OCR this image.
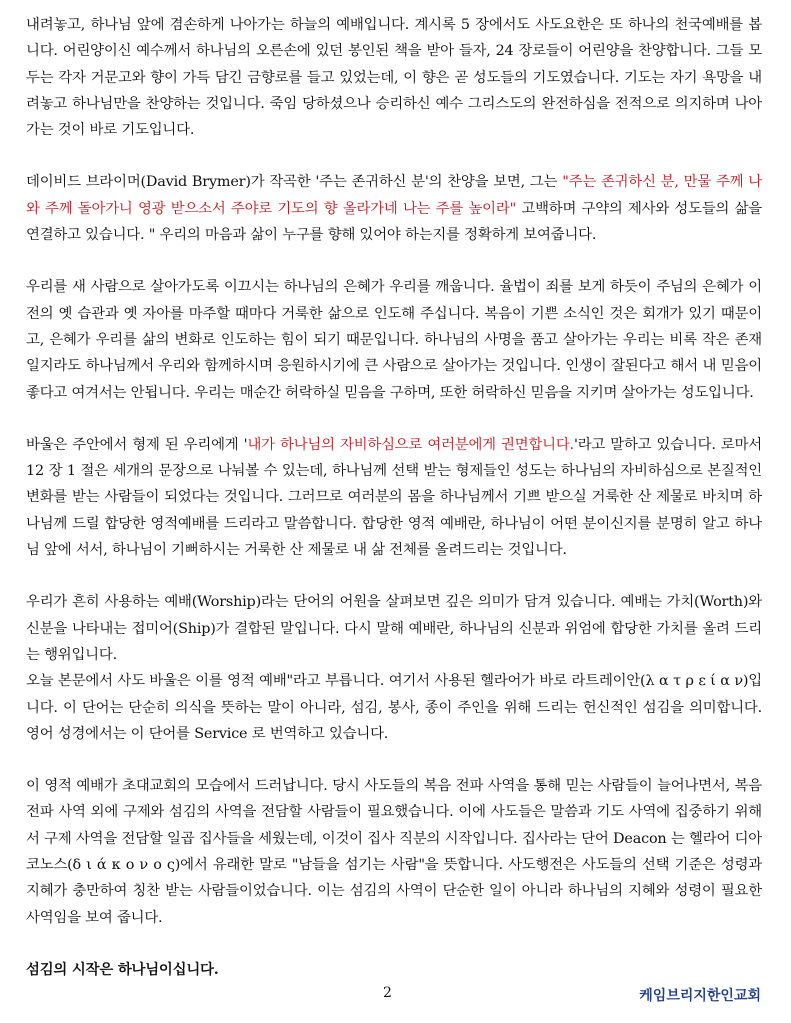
내려놓고, 하나님 앞에 겸손하게 나아가는 하늘의 예배입니다. 계시록 5 장에서도 사도요한은 또 하나의 천국예배를 봅니다. 어린양이신 예수께서 하나님의 오른손에 있던 봉인된 책을 받아 들자, 24 장로들이 어린양을 찬양합니다. 그들 모두는 각자 거문고와 향이 가득 담긴 금향로를 들고 있었는데, 이 향은 곧 성도들의 기도였습니다. 기도는 자기 욕망을 내려놓고 하나님만을 찬양하는 것입니다. 죽임 당하셨으나 승리하신 예수 그리스도의 완전하심을 전적으로 의지하며 나아가는 것이 바로 기도입니다.

데이비드 브라이머(David Brymer)가 작곡한 '주는 존귀하신 분'의 찬양을 보면, 그는 "주는 존귀하신 분, 만물 주께 나와 주께 돌아가니 영광 받으소서 주야로 기도의 향 올라가네 나는 주를 높이라" 고백하며 구약의 제사와 성도들의 삶을 연결하고 있습니다. " 우리의 마음과 삶이 누구를 향해 있어야 하는지를 정확하게 보여줍니다.

우리를 새 사람으로 살아가도록 이끄시는 하나님의 은혜가 우리를 깨웁니다. 율법이 죄를 보게 하듯이 주님의 은혜가 이전의 옛 습관과 옛 자아를 마주할 때마다 거룩한 삶으로 인도해 주십니다. 복음이 기쁜 소식인 것은 회개가 있기 때문이고, 은혜가 우리를 삶의 변화로 인도하는 힘이 되기 때문입니다. 하나님의 사명을 품고 살아가는 우리는 비록 작은 존재일지라도 하나님께서 우리와 함께하시며 응원하시기에 큰 사람으로 살아가는 것입니다. 인생이 잘된다고 해서 내 믿음이 좋다고 여겨서는 안됩니다. 우리는 매순간 허락하실 믿음을 구하며, 또한 허락하신 믿음을 지키며 살아가는 성도입니다.

바울은 주안에서 형제 된 우리에게 '내가 하나님의 자비하심으로 여러분에게 권면합니다.'라고 말하고 있습니다. 로마서 12 장 1 절은 세개의 문장으로 나눠볼 수 있는데, 하나님께 선택 받는 형제들인 성도는 하나님의 자비하심으로 본질적인 변화를 받는 사람들이 되었다는 것입니다. 그러므로 여러분의 몸을 하나님께서 기쁘 받으실 거룩한 산 제물로 바치며 하나님께 드릴 합당한 영적예배를 드리라고 말씀합니다. 합당한 영적 예배란, 하나님이 어떤 분이신지를 분명히 알고 하나님 앞에 서서, 하나님이 기뻐하시는 거룩한 산 제물로 내 삶 전체를 올려드리는 것입니다.

우리가 흔히 사용하는 예배(Worship)라는 단어의 어원을 살펴보면 깊은 의미가 담겨 있습니다. 예배는 가치(Worth)와 신분을 나타내는 접미어(Ship)가 결합된 말입니다. 다시 말해 예배란, 하나님의 신분과 위엄에 합당한 가치를 올려 드리는 행위입니다.

오늘 본문에서 사도 바울은 이를 영적 예배"라고 부릅니다. 여기서 사용된 헬라어가 바로 라트레이안(λ α τ ρ ε ί α ν)입니다. 이 단어는 단순히 의식을 뜻하는 말이 아니라, 섬김, 봉사, 종이 주인을 위해 드리는 헌신적인 섬김을 의미합니다. 영어 성경에서는 이 단어를 Service 로 번역하고 있습니다.

이 영적 예배가 초대교회의 모습에서 드러납니다. 당시 사도들의 복음 전파 사역을 통해 믿는 사람들이 늘어나면서, 복음 전파 사역 외에 구제와 섬김의 사역을 전담할 사람들이 필요했습니다. 이에 사도들은 말씀과 기도 사역에 집중하기 위해서 구제 사역을 전담할 일곱 집사들을 세웠는데, 이것이 집사 직분의 시작입니다. 집사라는 단어 Deacon 는 헬라어 디아코노스(δ ι ά κ ο ν ο ς)에서 유래한 말로 "남들을 섬기는 사람"을 뜻합니다. 사도행전은 사도들의 선택 기준은 성령과 지혜가 충만하여 칭찬 받는 사람들이었습니다. 이는 섬김의 사역이 단순한 일이 아니라 하나님의 지혜와 성령이 필요한 사역임을 보여 줍니다.

섬김의 시작은 하나님이십니다.

2	케임브리지한인교회
